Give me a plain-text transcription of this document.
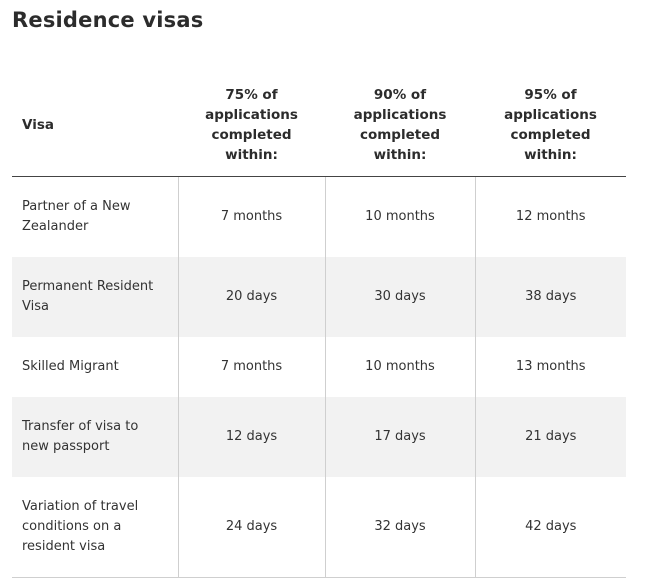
Residence visas
Visa	75% of applications completed within:	90% of applications completed within:	95% of applications completed within:
Partner of a New Zealander	7 months	10 months	12 months
Permanent Resident Visa	20 days	30 days	38 days
Skilled Migrant	7 months	10 months	13 months
Transfer of visa to new passport	12 days	17 days	21 days
Variation of travel conditions on a resident visa	24 days	32 days	42 days
